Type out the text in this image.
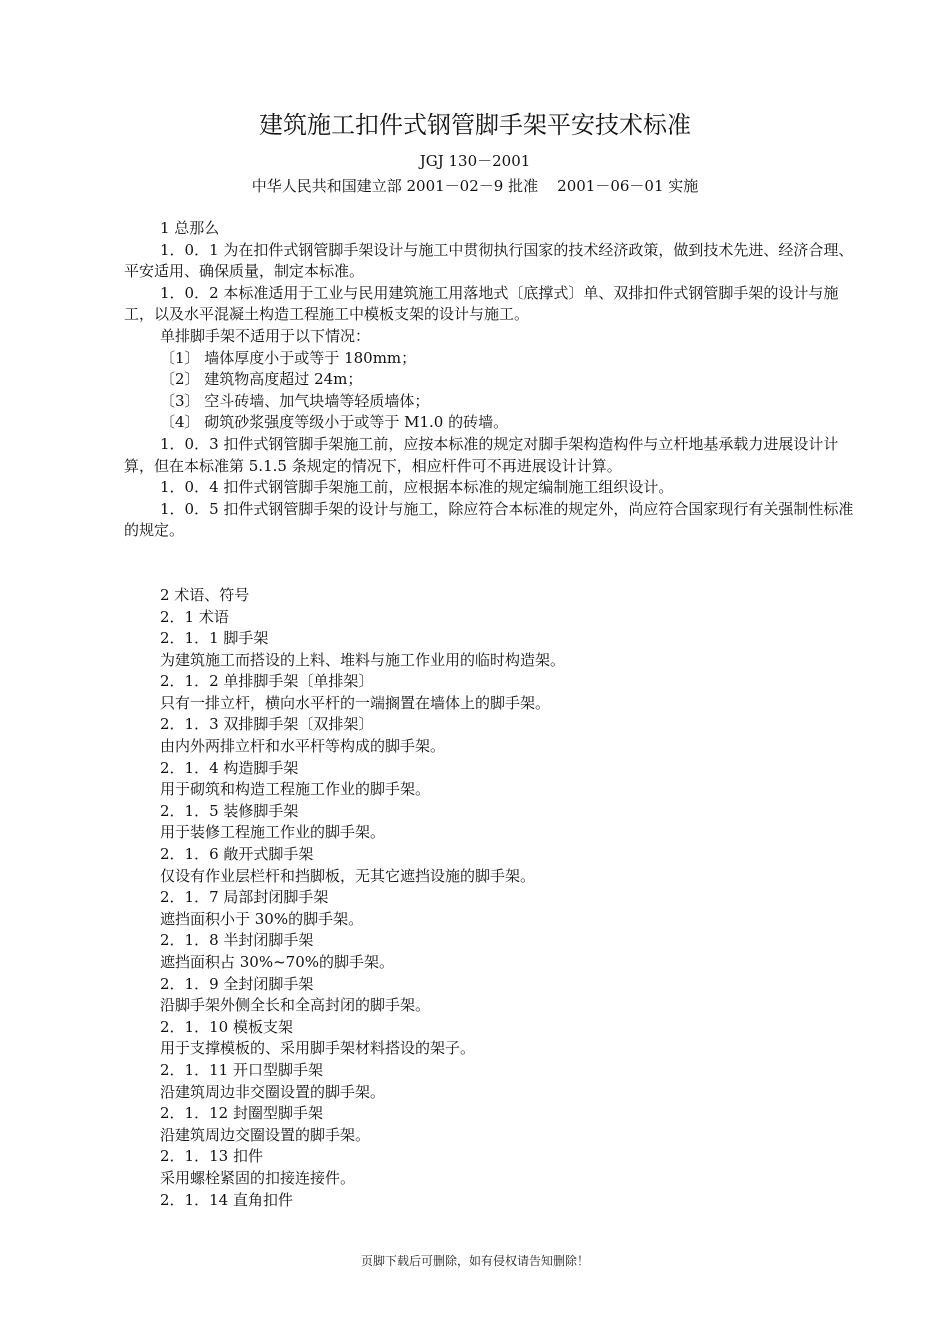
建筑施工扣件式钢管脚手架平安技术标准
JGJ 130－2001
中华人民共和国建立部 2001－02－9 批准    2001－06－01 实施

1 总那么

1．0．1 为在扣件式钢管脚手架设计与施工中贯彻执行国家的技术经济政策，做到技术先进、经济合理、平安适用、确保质量，制定本标准。

1．0．2 本标准适用于工业与民用建筑施工用落地式〔底撑式〕单、双排扣件式钢管脚手架的设计与施工，以及水平混凝土构造工程施工中模板支架的设计与施工。

单排脚手架不适用于以下情况：

〔1〕 墙体厚度小于或等于 180mm；

〔2〕 建筑物高度超过 24m；

〔3〕 空斗砖墙、加气块墙等轻质墙体；

〔4〕 砌筑砂浆强度等级小于或等于 M1.0 的砖墙。

1．0．3 扣件式钢管脚手架施工前，应按本标准的规定对脚手架构造构件与立杆地基承载力进展设计计算，但在本标准第 5.1.5 条规定的情况下，相应杆件可不再进展设计计算。

1．0．4 扣件式钢管脚手架施工前，应根据本标准的规定编制施工组织设计。

1．0．5 扣件式钢管脚手架的设计与施工，除应符合本标准的规定外，尚应符合国家现行有关强制性标准的规定。

2 术语、符号

2．1 术语

2．1．1 脚手架

为建筑施工而搭设的上料、堆料与施工作业用的临时构造架。

2．1．2 单排脚手架〔单排架〕

只有一排立杆，横向水平杆的一端搁置在墙体上的脚手架。

2．1．3 双排脚手架〔双排架〕

由内外两排立杆和水平杆等构成的脚手架。

2．1．4 构造脚手架

用于砌筑和构造工程施工作业的脚手架。

2．1．5 装修脚手架

用于装修工程施工作业的脚手架。

2．1．6 敞开式脚手架

仅设有作业层栏杆和挡脚板，无其它遮挡设施的脚手架。

2．1．7 局部封闭脚手架

遮挡面积小于 30%的脚手架。

2．1．8 半封闭脚手架

遮挡面积占 30%~70%的脚手架。

2．1．9 全封闭脚手架

沿脚手架外侧全长和全高封闭的脚手架。

2．1．10 模板支架

用于支撑模板的、采用脚手架材料搭设的架子。

2．1．11 开口型脚手架

沿建筑周边非交圈设置的脚手架。

2．1．12 封圈型脚手架

沿建筑周边交圈设置的脚手架。

2．1．13 扣件

采用螺栓紧固的扣接连接件。

2．1．14 直角扣件

页脚下载后可删除，如有侵权请告知删除！
